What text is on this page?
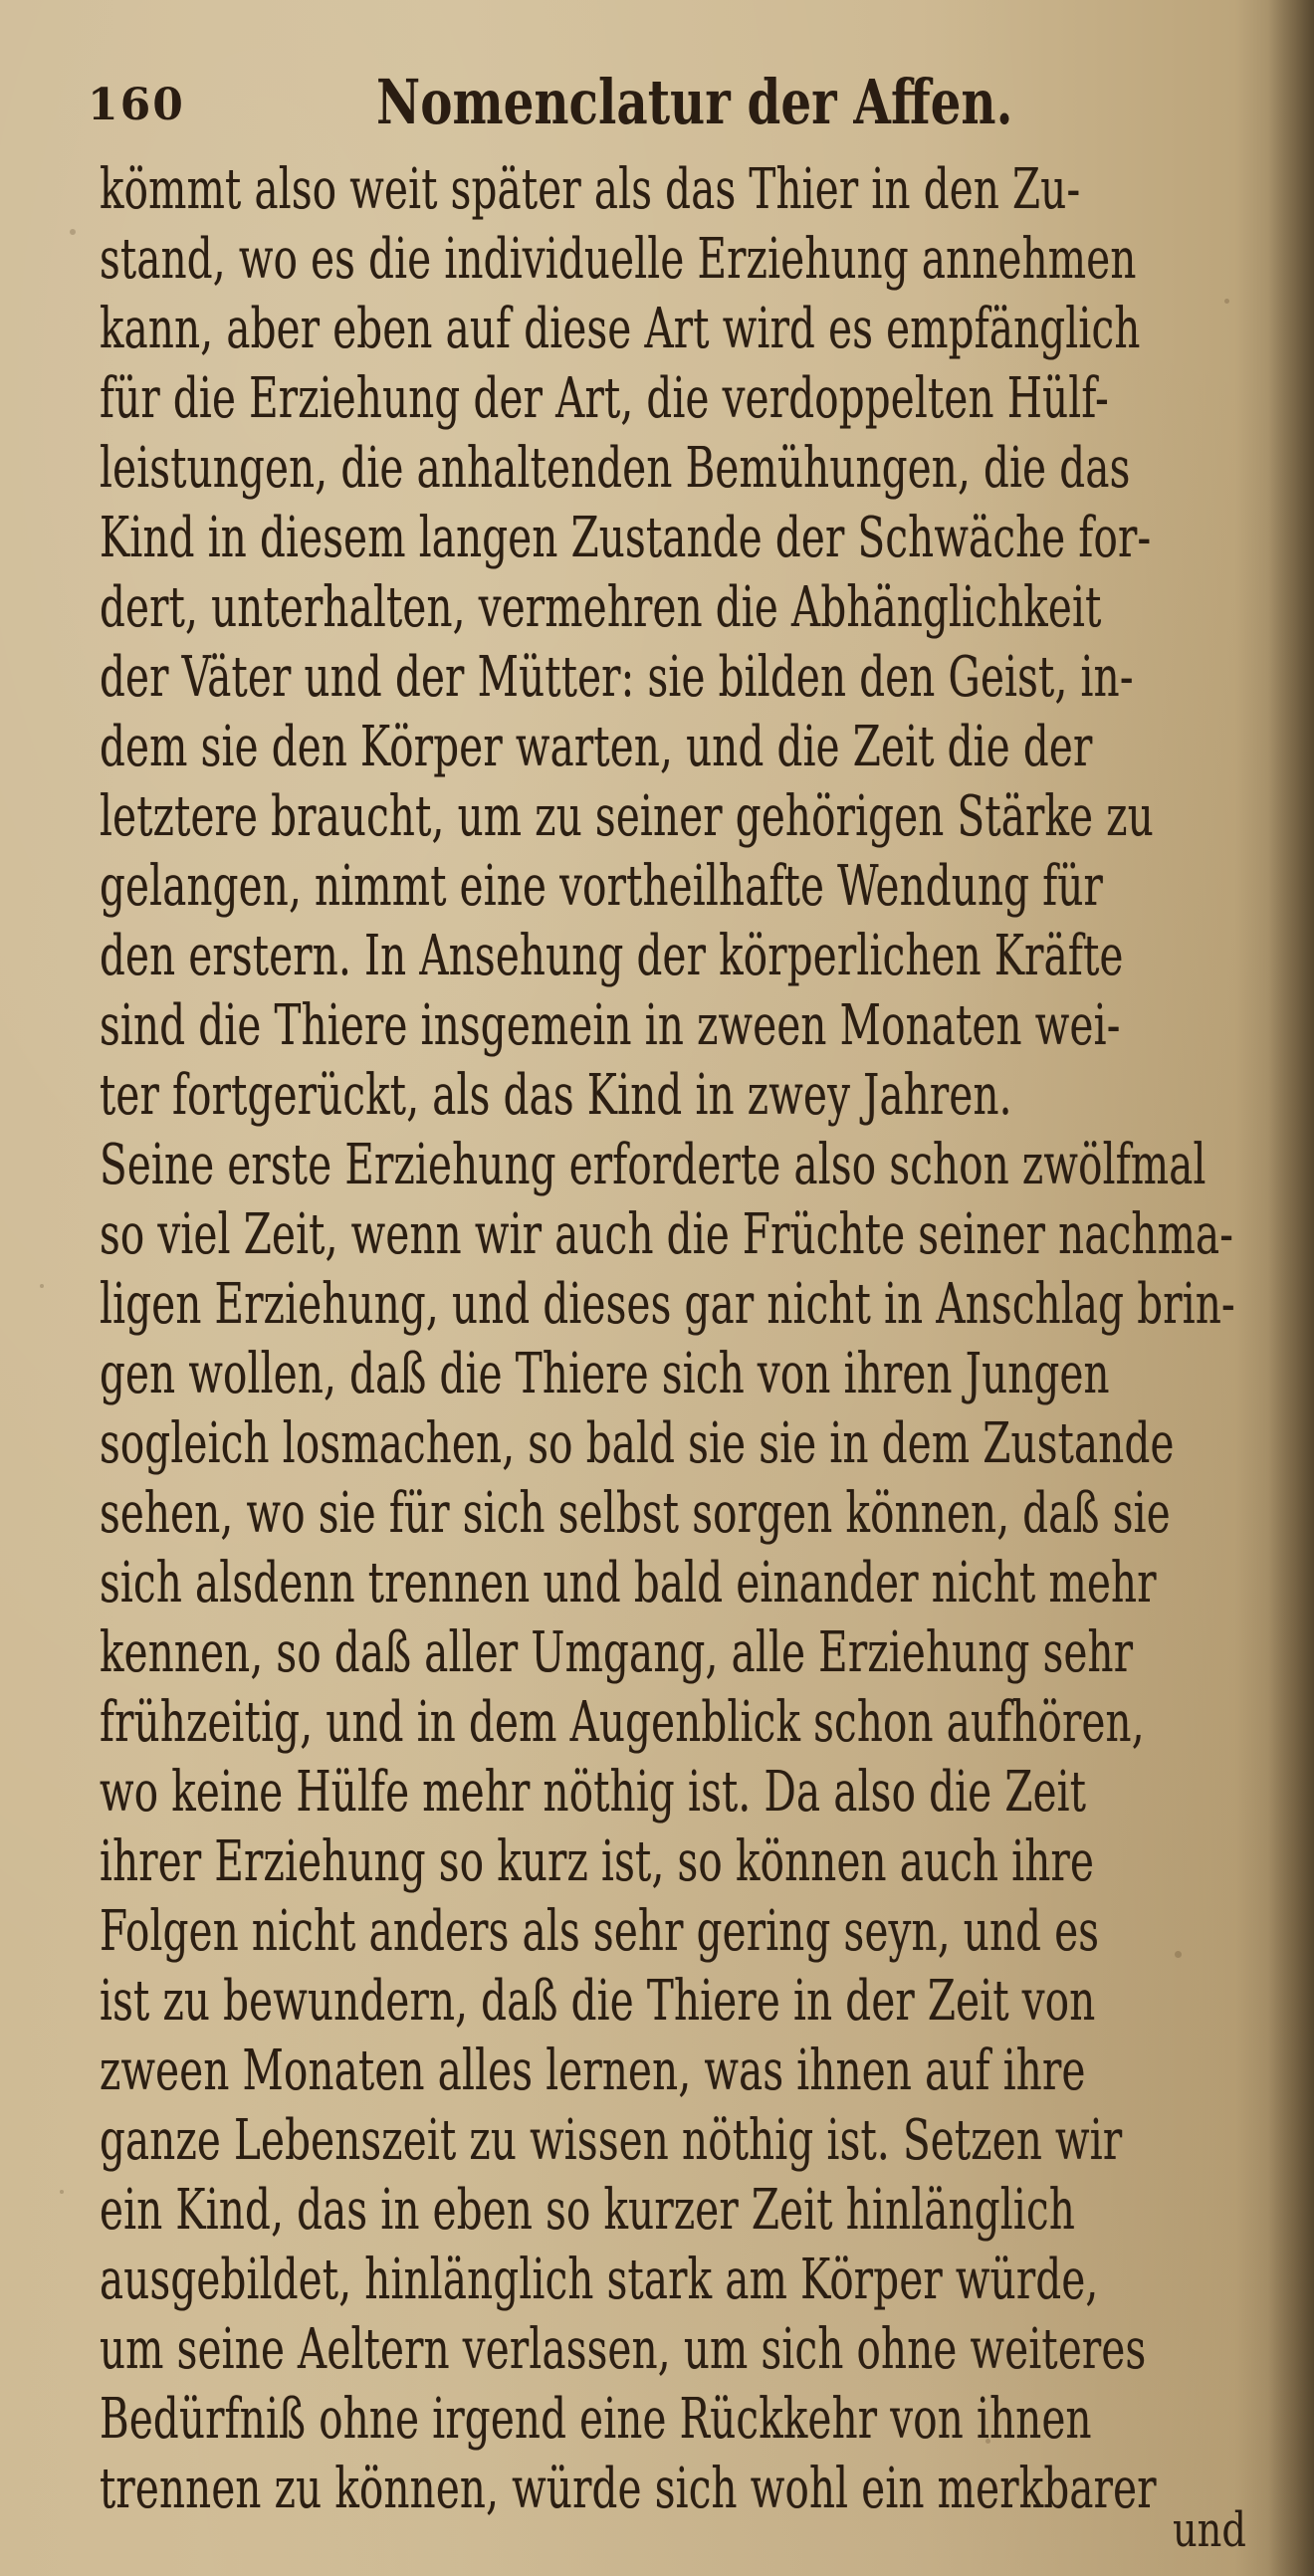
160	Nomenclatur der Affen.
kömmt also weit später als das Thier in den Zu-
stand, wo es die individuelle Erziehung annehmen
kann, aber eben auf diese Art wird es empfänglich
für die Erziehung der Art, die verdoppelten Hülf-
leistungen, die anhaltenden Bemühungen, die das
Kind in diesem langen Zustande der Schwäche for-
dert, unterhalten, vermehren die Abhänglichkeit
der Väter und der Mütter: sie bilden den Geist, in-
dem sie den Körper warten, und die Zeit die der
letztere braucht, um zu seiner gehörigen Stärke zu
gelangen, nimmt eine vortheilhafte Wendung für
den erstern. In Ansehung der körperlichen Kräfte
sind die Thiere insgemein in zween Monaten wei-
ter fortgerückt, als das Kind in zwey Jahren.
Seine erste Erziehung erforderte also schon zwölfmal
so viel Zeit, wenn wir auch die Früchte seiner nachma-
ligen Erziehung, und dieses gar nicht in Anschlag brin-
gen wollen, daß die Thiere sich von ihren Jungen
sogleich losmachen, so bald sie sie in dem Zustande
sehen, wo sie für sich selbst sorgen können, daß sie
sich alsdenn trennen und bald einander nicht mehr
kennen, so daß aller Umgang, alle Erziehung sehr
frühzeitig, und in dem Augenblick schon aufhören,
wo keine Hülfe mehr nöthig ist. Da also die Zeit
ihrer Erziehung so kurz ist, so können auch ihre
Folgen nicht anders als sehr gering seyn, und es
ist zu bewundern, daß die Thiere in der Zeit von
zween Monaten alles lernen, was ihnen auf ihre
ganze Lebenszeit zu wissen nöthig ist. Setzen wir
ein Kind, das in eben so kurzer Zeit hinlänglich
ausgebildet, hinlänglich stark am Körper würde,
um seine Aeltern verlassen, um sich ohne weiteres
Bedürfniß ohne irgend eine Rückkehr von ihnen
trennen zu können, würde sich wohl ein merkbarer
und
